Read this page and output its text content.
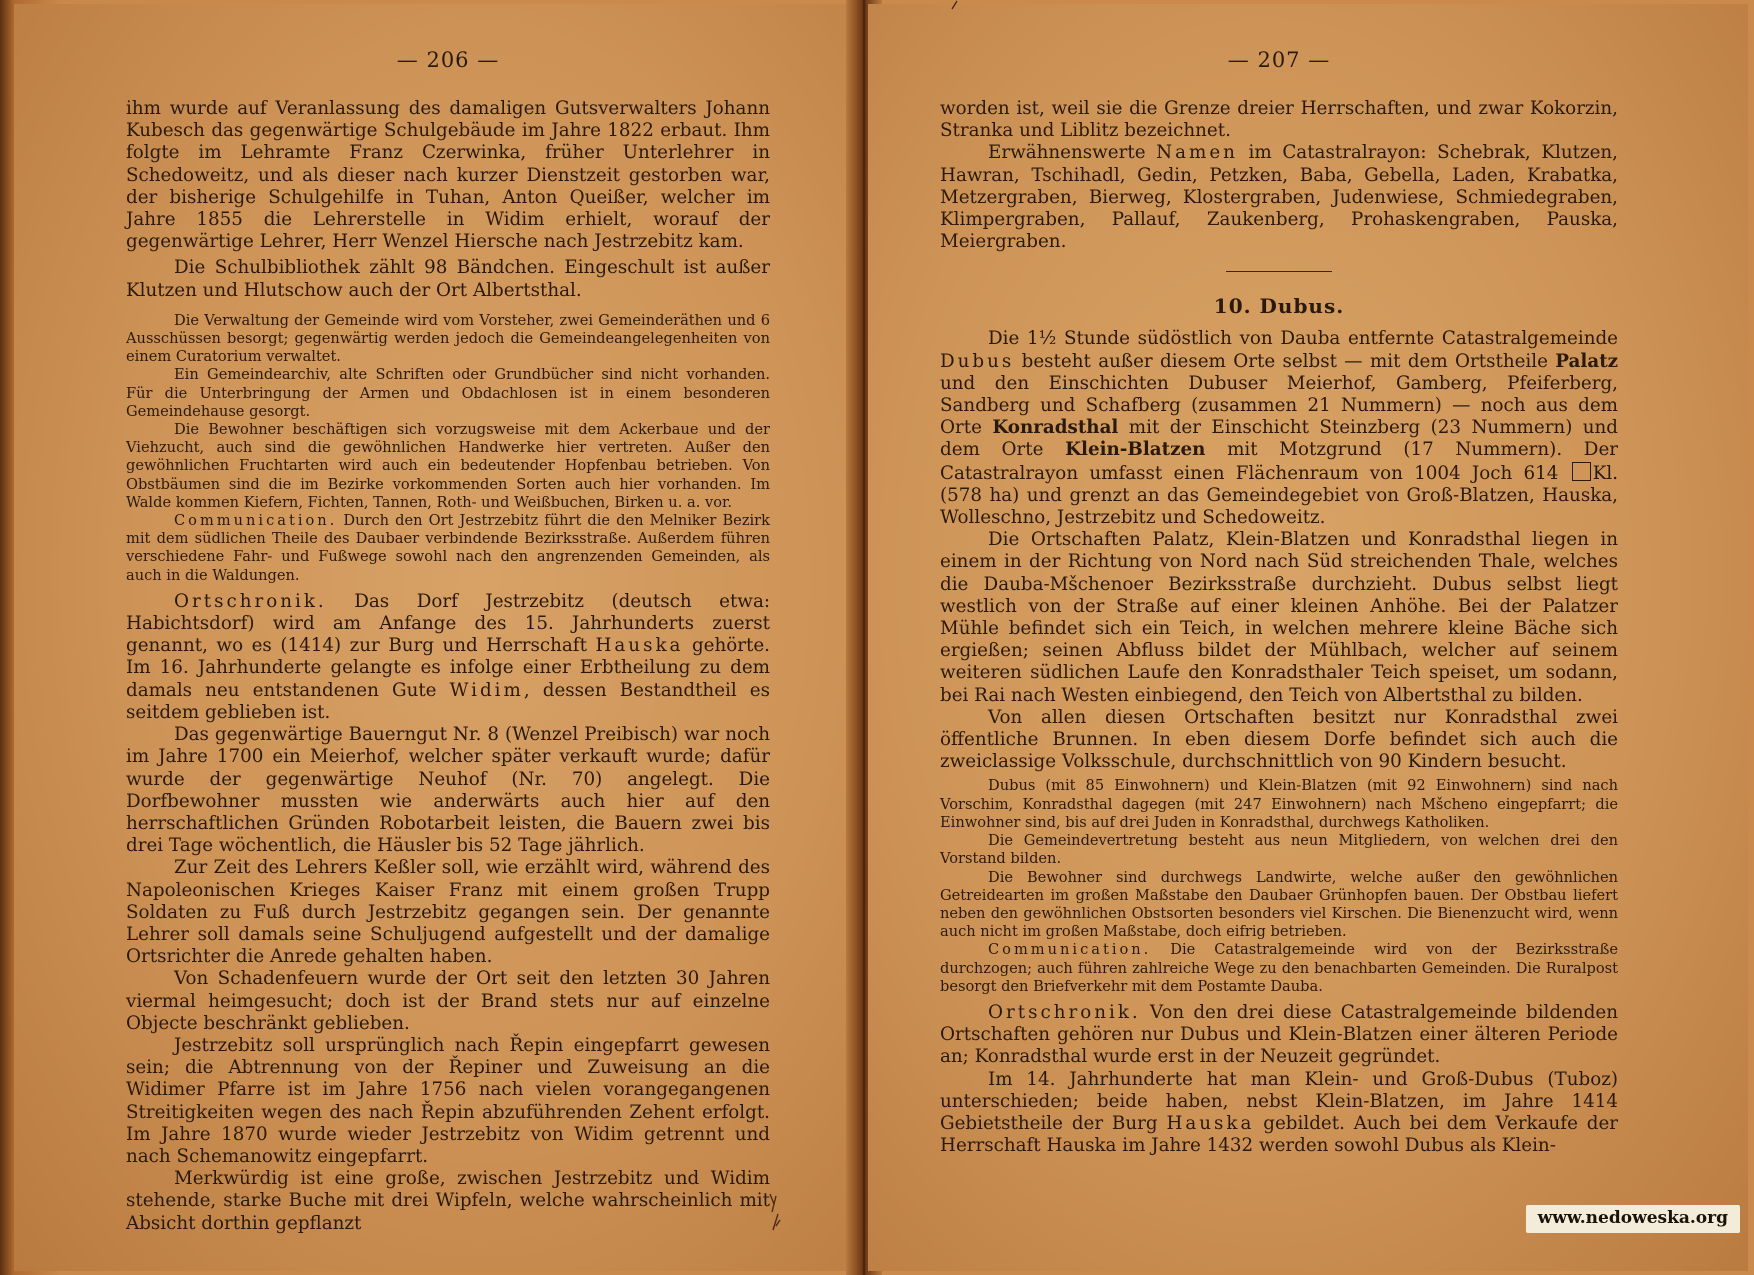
— 206 —

ihm wurde auf Veranlassung des damaligen Gutsverwalters Johann Kubesch das gegenwärtige Schulgebäude im Jahre 1822 erbaut. Ihm folgte im Lehramte Franz Czerwinka, früher Unterlehrer in Schedoweitz, und als dieser nach kurzer Dienstzeit gestorben war, der bisherige Schulgehilfe in Tuhan, Anton Queißer, welcher im Jahre 1855 die Lehrerstelle in Widim erhielt, worauf der gegenwärtige Lehrer, Herr Wenzel Hiersche nach Jestrzebitz kam.

Die Schulbibliothek zählt 98 Bändchen. Eingeschult ist außer Klutzen und Hlutschow auch der Ort Albertsthal.

Die Verwaltung der Gemeinde wird vom Vorsteher, zwei Gemeinderäthen und 6 Ausschüssen besorgt; gegenwärtig werden jedoch die Gemeindeangelegenheiten von einem Curatorium verwaltet.

Ein Gemeindearchiv, alte Schriften oder Grundbücher sind nicht vorhanden. Für die Unterbringung der Armen und Obdachlosen ist in einem besonderen Gemeindehause gesorgt.

Die Bewohner beschäftigen sich vorzugsweise mit dem Ackerbaue und der Viehzucht, auch sind die gewöhnlichen Handwerke hier vertreten. Außer den gewöhnlichen Fruchtarten wird auch ein bedeutender Hopfenbau betrieben. Von Obstbäumen sind die im Bezirke vorkommenden Sorten auch hier vorhanden. Im Walde kommen Kiefern, Fichten, Tannen, Roth- und Weißbuchen, Birken u. a. vor.

Communication. Durch den Ort Jestrzebitz führt die den Melniker Bezirk mit dem südlichen Theile des Daubaer verbindende Bezirksstraße. Außerdem führen verschiedene Fahr- und Fußwege sowohl nach den angrenzenden Gemeinden, als auch in die Waldungen.

Ortschronik. Das Dorf Jestrzebitz (deutsch etwa: Habichtsdorf) wird am Anfange des 15. Jahrhunderts zuerst genannt, wo es (1414) zur Burg und Herrschaft Hauska gehörte. Im 16. Jahrhunderte gelangte es infolge einer Erbtheilung zu dem damals neu entstandenen Gute Widim, dessen Bestandtheil es seitdem geblieben ist.

Das gegenwärtige Bauerngut Nr. 8 (Wenzel Preibisch) war noch im Jahre 1700 ein Meierhof, welcher später verkauft wurde; dafür wurde der gegenwärtige Neuhof (Nr. 70) angelegt. Die Dorfbewohner mussten wie anderwärts auch hier auf den herrschaftlichen Gründen Robotarbeit leisten, die Bauern zwei bis drei Tage wöchentlich, die Häusler bis 52 Tage jährlich.

Zur Zeit des Lehrers Keßler soll, wie erzählt wird, während des Napoleonischen Krieges Kaiser Franz mit einem großen Trupp Soldaten zu Fuß durch Jestrzebitz gegangen sein. Der genannte Lehrer soll damals seine Schuljugend aufgestellt und der damalige Ortsrichter die Anrede gehalten haben.

Von Schadenfeuern wurde der Ort seit den letzten 30 Jahren viermal heimgesucht; doch ist der Brand stets nur auf einzelne Objecte beschränkt geblieben.

Jestrzebitz soll ursprünglich nach Řepin eingepfarrt gewesen sein; die Abtrennung von der Řepiner und Zuweisung an die Widimer Pfarre ist im Jahre 1756 nach vielen vorangegangenen Streitigkeiten wegen des nach Řepin abzuführenden Zehent erfolgt. Im Jahre 1870 wurde wieder Jestrzebitz von Widim getrennt und nach Schemanowitz eingepfarrt.

Merkwürdig ist eine große, zwischen Jestrzebitz und Widim stehende, starke Buche mit drei Wipfeln, welche wahrscheinlich mit Absicht dorthin gepflanzt

— 207 —

worden ist, weil sie die Grenze dreier Herrschaften, und zwar Kokorzin, Stranka und Liblitz bezeichnet.

Erwähnenswerte Namen im Catastralrayon: Schebrak, Klutzen, Hawran, Tschihadl, Gedin, Petzken, Baba, Gebella, Laden, Krabatka, Metzergraben, Bierweg, Klostergraben, Judenwiese, Schmiedegraben, Klimpergraben, Pallauf, Zaukenberg, Prohaskengraben, Pauska, Meiergraben.

10. Dubus.

Die 1½ Stunde südöstlich von Dauba entfernte Catastralgemeinde Dubus besteht außer diesem Orte selbst — mit dem Ortstheile Palatz und den Einschichten Dubuser Meierhof, Gamberg, Pfeiferberg, Sandberg und Schafberg (zusammen 21 Nummern) — noch aus dem Orte Konradsthal mit der Einschicht Steinzberg (23 Nummern) und dem Orte Klein-Blatzen mit Motzgrund (17 Nummern). Der Catastralrayon umfasst einen Flächenraum von 1004 Joch 614 Kl. (578 ha) und grenzt an das Gemeindegebiet von Groß-Blatzen, Hauska, Wolleschno, Jestrzebitz und Schedoweitz.

Die Ortschaften Palatz, Klein-Blatzen und Konradsthal liegen in einem in der Richtung von Nord nach Süd streichenden Thale, welches die Dauba-Mšchenoer Bezirksstraße durchzieht. Dubus selbst liegt westlich von der Straße auf einer kleinen Anhöhe. Bei der Palatzer Mühle befindet sich ein Teich, in welchen mehrere kleine Bäche sich ergießen; seinen Abfluss bildet der Mühlbach, welcher auf seinem weiteren südlichen Laufe den Konradsthaler Teich speiset, um sodann, bei Rai nach Westen einbiegend, den Teich von Albertsthal zu bilden.

Von allen diesen Ortschaften besitzt nur Konradsthal zwei öffentliche Brunnen. In eben diesem Dorfe befindet sich auch die zweiclassige Volksschule, durchschnittlich von 90 Kindern besucht.

Dubus (mit 85 Einwohnern) und Klein-Blatzen (mit 92 Einwohnern) sind nach Vorschim, Konradsthal dagegen (mit 247 Einwohnern) nach Mšcheno eingepfarrt; die Einwohner sind, bis auf drei Juden in Konradsthal, durchwegs Katholiken.

Die Gemeindevertretung besteht aus neun Mitgliedern, von welchen drei den Vorstand bilden.

Die Bewohner sind durchwegs Landwirte, welche außer den gewöhnlichen Getreidearten im großen Maßstabe den Daubaer Grünhopfen bauen. Der Obstbau liefert neben den gewöhnlichen Obstsorten besonders viel Kirschen. Die Bienenzucht wird, wenn auch nicht im großen Maßstabe, doch eifrig betrieben.

Communication. Die Catastralgemeinde wird von der Bezirksstraße durchzogen; auch führen zahlreiche Wege zu den benachbarten Gemeinden. Die Ruralpost besorgt den Briefverkehr mit dem Postamte Dauba.

Ortschronik. Von den drei diese Catastralgemeinde bildenden Ortschaften gehören nur Dubus und Klein-Blatzen einer älteren Periode an; Konradsthal wurde erst in der Neuzeit gegründet.

Im 14. Jahrhunderte hat man Klein- und Groß-Dubus (Tuboz) unterschieden; beide haben, nebst Klein-Blatzen, im Jahre 1414 Gebietstheile der Burg Hauska gebildet. Auch bei dem Verkaufe der Herrschaft Hauska im Jahre 1432 werden sowohl Dubus als Klein-

www.nedoweska.org
